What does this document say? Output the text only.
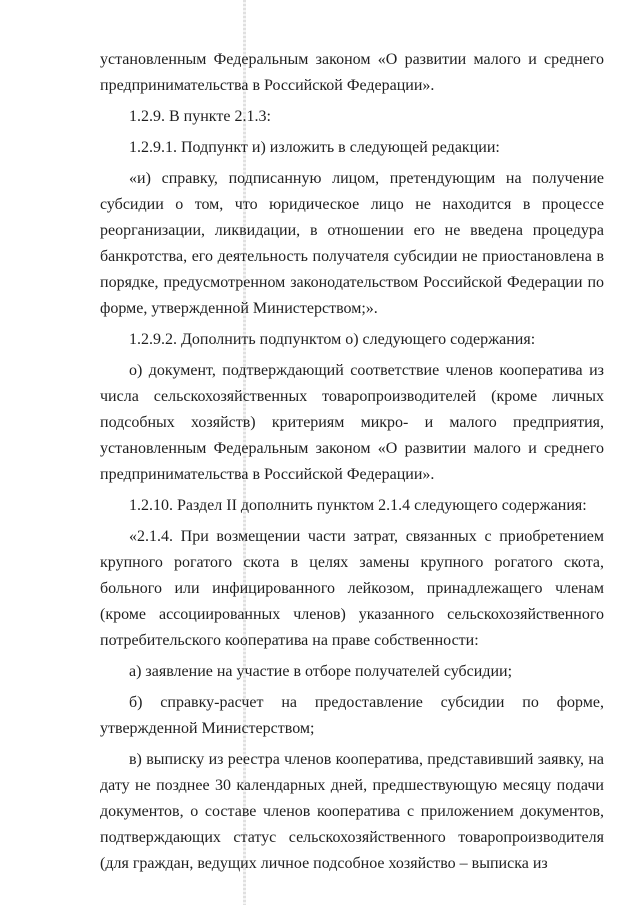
установленным Федеральным законом «О развитии малого и среднего предпринимательства в Российской Федерации».

1.2.9. В пункте 2.1.3:

1.2.9.1. Подпункт и) изложить в следующей редакции:

«и) справку, подписанную лицом, претендующим на получение субсидии о том, что юридическое лицо не находится в процессе реорганизации, ликвидации, в отношении его не введена процедура банкротства, его деятельность получателя субсидии не приостановлена в порядке, предусмотренном законодательством Российской Федерации по форме, утвержденной Министерством;».

1.2.9.2. Дополнить подпунктом о) следующего содержания:

о) документ, подтверждающий соответствие членов кооператива из числа сельскохозяйственных товаропроизводителей (кроме личных подсобных хозяйств) критериям микро- и малого предприятия, установленным Федеральным законом «О развитии малого и среднего предпринимательства в Российской Федерации».

1.2.10. Раздел II дополнить пунктом 2.1.4 следующего содержания:

«2.1.4. При возмещении части затрат, связанных с приобретением крупного рогатого скота в целях замены крупного рогатого скота, больного или инфицированного лейкозом, принадлежащего членам (кроме ассоциированных членов) указанного сельскохозяйственного потребительского кооператива на праве собственности:

а) заявление на участие в отборе получателей субсидии;

б) справку-расчет на предоставление субсидии по форме, утвержденной Министерством;

в) выписку из реестра членов кооператива, представивший заявку, на дату не позднее 30 календарных дней, предшествующую месяцу подачи документов, о составе членов кооператива с приложением документов, подтверждающих статус сельскохозяйственного товаропроизводителя (для граждан, ведущих личное подсобное хозяйство – выписка из
